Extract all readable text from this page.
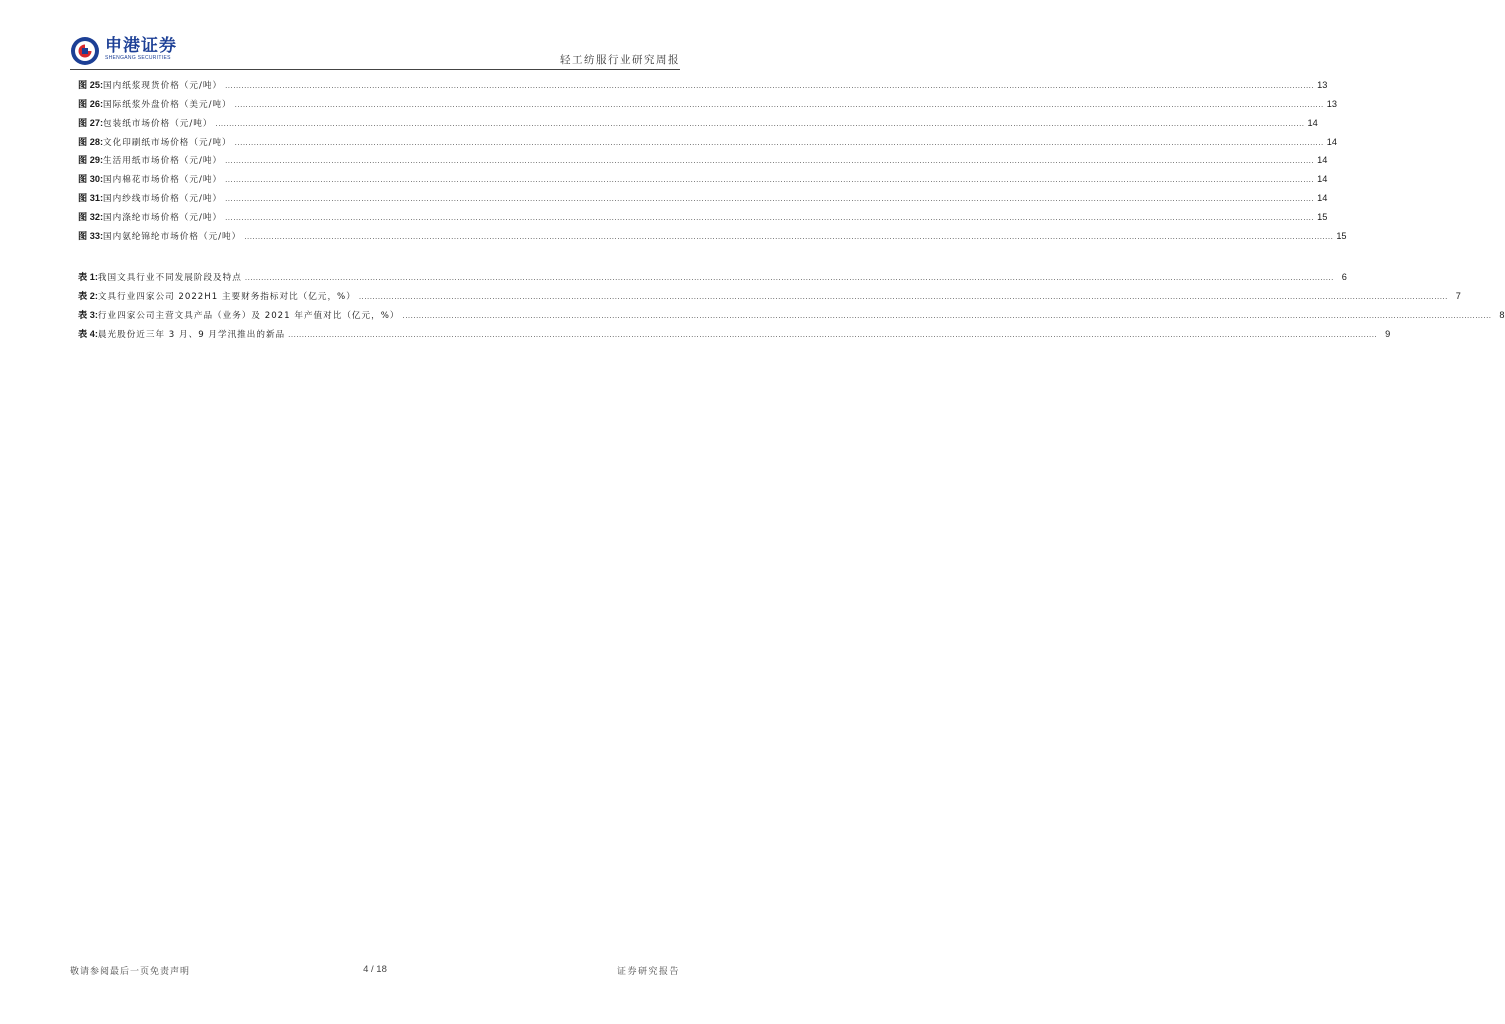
申港证券
SHENGANG SECURITIES	轻工纺服行业研究周报
图 25: 国内纸浆现货价格（元/吨） ................................................................................................................................................................................................................................................................................................................................................................................................................ 13
图 26: 国际纸浆外盘价格（美元/吨） ................................................................................................................................................................................................................................................................................................................................................................................................................ 13
图 27: 包装纸市场价格（元/吨） ................................................................................................................................................................................................................................................................................................................................................................................................................ 14
图 28: 文化印刷纸市场价格（元/吨） ................................................................................................................................................................................................................................................................................................................................................................................................................ 14
图 29: 生活用纸市场价格（元/吨） ................................................................................................................................................................................................................................................................................................................................................................................................................ 14
图 30: 国内棉花市场价格（元/吨） ................................................................................................................................................................................................................................................................................................................................................................................................................ 14
图 31: 国内纱线市场价格（元/吨） ................................................................................................................................................................................................................................................................................................................................................................................................................ 14
图 32: 国内涤纶市场价格（元/吨） ................................................................................................................................................................................................................................................................................................................................................................................................................ 15
图 33: 国内氨纶锦纶市场价格（元/吨） ................................................................................................................................................................................................................................................................................................................................................................................................................ 15
表 1: 我国文具行业不同发展阶段及特点 ................................................................................................................................................................................................................................................................................................................................................................................................................ 6
表 2: 文具行业四家公司 2022H1 主要财务指标对比（亿元，%） ................................................................................................................................................................................................................................................................................................................................................................................................................ 7
表 3: 行业四家公司主营文具产品（业务）及 2021 年产值对比（亿元，%） ................................................................................................................................................................................................................................................................................................................................................................................................................ 8
表 4: 晨光股份近三年 3 月、9 月学汛推出的新品 ................................................................................................................................................................................................................................................................................................................................................................................................................ 9
敬请参阅最后一页免责声明	4 / 18	证券研究报告
